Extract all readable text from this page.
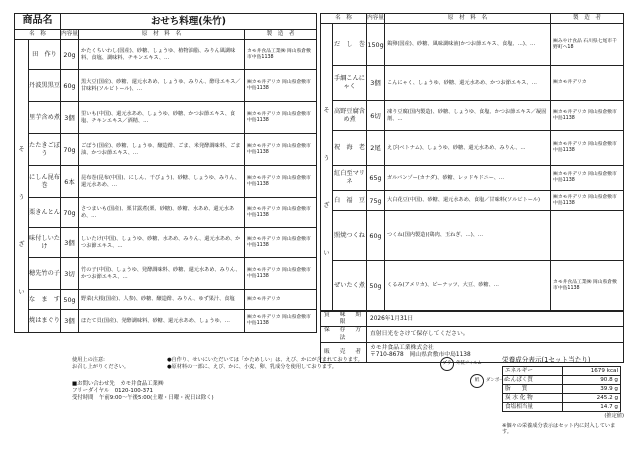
商品名		おせち料理(朱竹)		
名　称		内容量	原　材　料　名	製　造　者

そ
う
ざ
い	田　作り	20g	かたくちいわし(国産)、砂糖、しょうゆ、植物油脂、みりん風調味料、食塩、調味料、チキンエキス、…	カモ井食品工業㈱ 岡山県倉敷市中島1138
	丹波黒黒豆	60g	黒大豆(国産)、砂糖、還元水あめ、しょうゆ、みりん、酵母エキス／甘味料(ソルビトール)、…	㈱カモ井デリカ 岡山県倉敷市中島1138
	里芋含め煮	3個	里いも(中国)、還元水あめ、しょうゆ、砂糖、かつお節エキス、食塩、チキンエキス／酒精、…	㈱カモ井デリカ 岡山県倉敷市中島1138
	たたきごぼう	70g	ごぼう(国産)、砂糖、しょうゆ、醸造酢、ごま、米発酵調味料、ごま油、かつお節エキス、…	㈱カモ井デリカ 岡山県倉敷市中島1138
	にしん昆布巻	6本	昆布巻(昆布(中国)、にしん、干ぴょう)、砂糖、しょうゆ、みりん、還元水あめ、…	㈱カモ井デリカ 岡山県倉敷市中島1138
	栗きんとん	70g	さつまいも(国産)、栗甘露煮(栗、砂糖)、砂糖、水あめ、還元水あめ、…	㈱カモ井デリカ 岡山県倉敷市中島1138
	味付しいたけ	3個	しいたけ(中国)、しょうゆ、砂糖、水あめ、みりん、還元水あめ、かつお節エキス、…	㈱カモ井デリカ 岡山県倉敷市中島1138
	穂先竹の子	3切	竹の子(中国)、しょうゆ、発酵調味料、砂糖、還元水あめ、みりん、かつお節エキス、…	㈱カモ井デリカ 岡山県倉敷市中島1138
	な　ま　す	50g	野菜(大根(国産)、人参)、砂糖、醸造酢、みりん、ゆず果汁、食塩	㈱カモ井デリカ
	焼はまぐり	3個	ほたて貝(国産)、発酵調味料、砂糖、還元水あめ、しょうゆ、…	㈱カモ井デリカ 岡山県倉敷市中島1138
名　称		内容量	原　材　料　名	製　造　者

そ
う
ざ
い	だ　し　巻	150g	鶏卵(国産)、砂糖、風味調味液(かつお節エキス、食塩、…)、…	㈱みやけ食品 石川県七尾市千野町ヘ18
	手綱こんにゃく	3個	こんにゃく、しょうゆ、砂糖、還元水あめ、かつお節エキス、…	㈱カモ井デリカ
	高野豆腐含め煮	6切	凍り豆腐(国内製造)、砂糖、しょうゆ、食塩、かつお節エキス／凝固剤、…	㈱カモ井デリカ 岡山県倉敷市中島1138
	祝　海　老	2尾	えび(ベトナム)、しょうゆ、砂糖、還元水あめ、みりん、…	㈱カモ井デリカ 岡山県倉敷市中島1138
	紅白至マリネ	65g	ガルバンゾー(カナダ)、砂糖、レッドキドニー、…	㈱カモ井デリカ 岡山県倉敷市中島1138
	白　福　豆	75g	大白花豆(中国)、砂糖、還元水あめ、食塩／甘味料(ソルビトール)	㈱カモ井デリカ 岡山県倉敷市中島1138
	照焼つくね	60g	つくね(国内製造)(鶏肉、玉ねぎ、…)、…	
	ぜいたく煮	50g	くるみ(アメリカ)、ピーナッツ、大豆、砂糖、…	カモ井食品工業㈱ 岡山県倉敷市中島1138
賞　味　期　限	2026年1月31日
保　存　方　法	直射日光をさけて保存してください。
販　売　者	カモ井食品工業株式会社
〒710-8678　岡山県倉敷市中島1138
使用上の注意:
お召し上がりください。
●自作り、せいにいただいては「かためしい」は、えび、かにが含まれております。
●原材料の一部に、えび、かに、小麦、卵、乳成分を使用しております。
■お問い合わせ先　カモ井食品工業㈱
フリーダイヤル　0120-100-371
受付時間　午前9:00〜午後5:00(土曜・日曜・祝日は除く)
プラ	外装フィルム
紙	ダンボール
栄養成分表示(1セット当たり)
エネルギー	1679 kcal
たんぱく質	90.8 g
脂　　質	39.9 g
炭 水 化 物	245.2 g
食塩相当量	14.7 g
(推定値)
※個々の栄養成分表示はセット内に封入しています。
